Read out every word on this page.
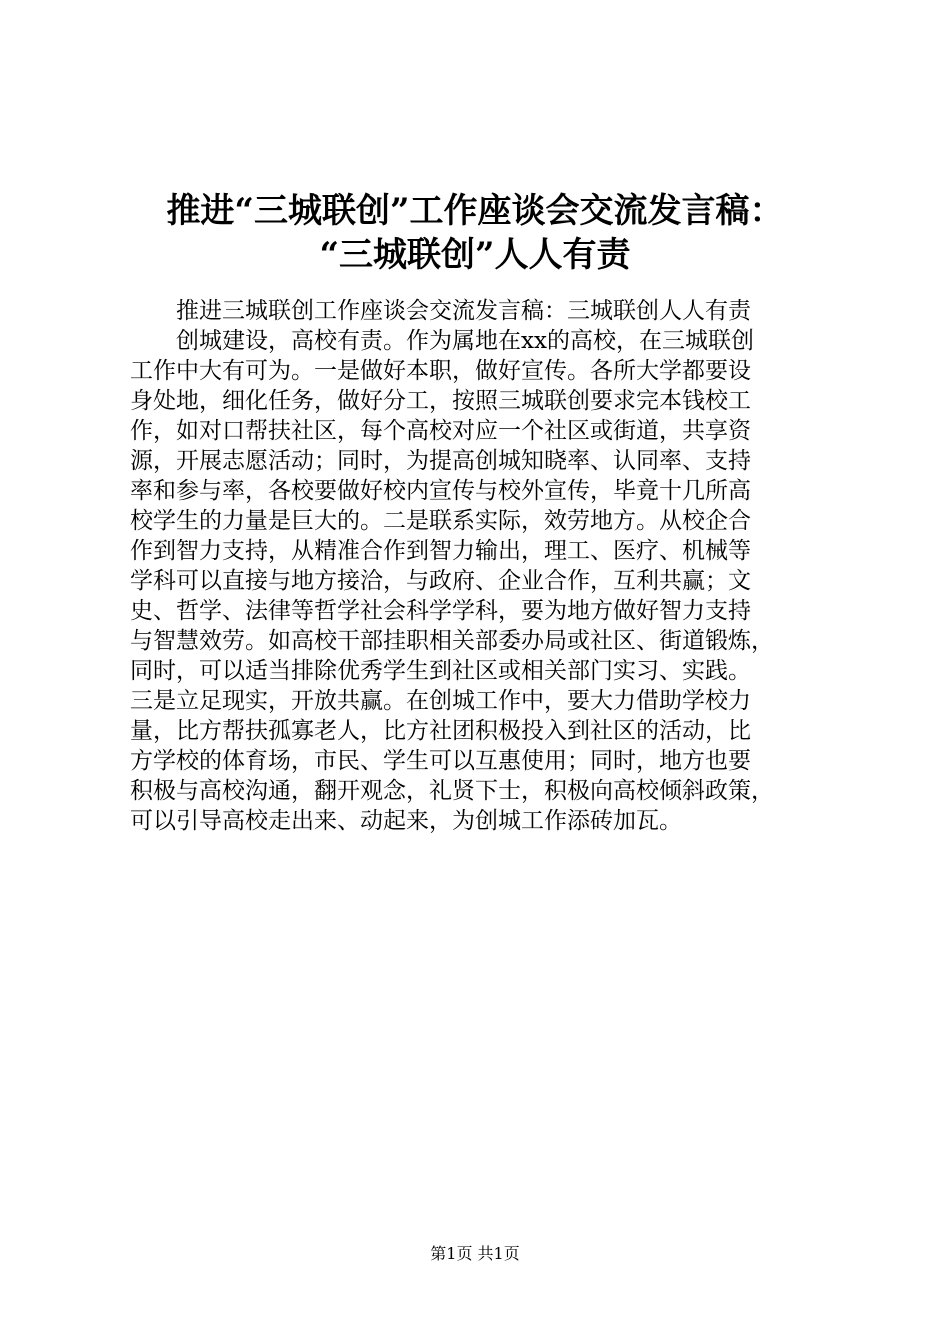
推进“三城联创”工作座谈会交流发言稿：
“三城联创”人人有责
推进三城联创工作座谈会交流发言稿：三城联创人人有责
创城建设，高校有责。作为属地在xx的高校，在三城联创
工作中大有可为。一是做好本职，做好宣传。各所大学都要设
身处地，细化任务，做好分工，按照三城联创要求完本钱校工
作，如对口帮扶社区，每个高校对应一个社区或街道，共享资
源，开展志愿活动；同时，为提高创城知晓率、认同率、支持
率和参与率，各校要做好校内宣传与校外宣传，毕竟十几所高
校学生的力量是巨大的。二是联系实际，效劳地方。从校企合
作到智力支持，从精准合作到智力输出，理工、医疗、机械等
学科可以直接与地方接洽，与政府、企业合作，互利共赢；文
史、哲学、法律等哲学社会科学学科，要为地方做好智力支持
与智慧效劳。如高校干部挂职相关部委办局或社区、街道锻炼，
同时，可以适当排除优秀学生到社区或相关部门实习、实践。
三是立足现实，开放共赢。在创城工作中，要大力借助学校力
量，比方帮扶孤寡老人，比方社团积极投入到社区的活动，比
方学校的体育场，市民、学生可以互惠使用；同时，地方也要
积极与高校沟通，翻开观念，礼贤下士，积极向高校倾斜政策，
可以引导高校走出来、动起来，为创城工作添砖加瓦。
第1页 共1页
